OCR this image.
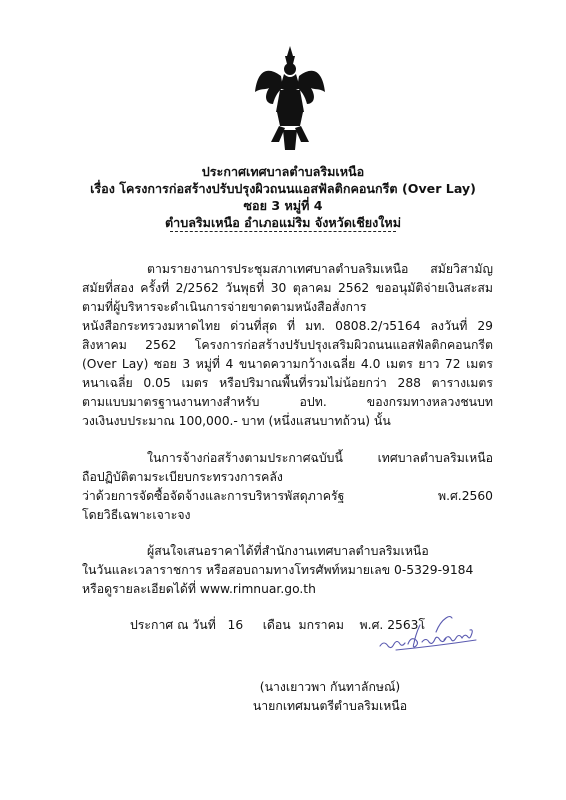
ประกาศเทศบาลตำบลริมเหนือ
เรื่อง โครงการก่อสร้างปรับปรุงผิวถนนแอสฟัลติกคอนกรีต (Over Lay)
ซอย 3 หมู่ที่ 4
ตำบลริมเหนือ อำเภอแม่ริม จังหวัดเชียงใหม่
ตามรายงานการประชุมสภาเทศบาลตำบลริมเหนือ สมัยวิสามัญ
สมัยที่สอง ครั้งที่ 2/2562 วันพุธที่ 30 ตุลาคม 2562 ขออนุมัติจ่ายเงินสะสม
ตามที่ผู้บริหารจะดำเนินการจ่ายขาดตามหนังสือสั่งการ
หนังสือกระทรวงมหาดไทย ด่วนที่สุด ที่ มท. 0808.2/ว5164 ลงวันที่ 29
สิงหาคม 2562 โครงการก่อสร้างปรับปรุงเสริมผิวถนนแอสฟัลติกคอนกรีต
(Over Lay) ซอย 3 หมู่ที่ 4 ขนาดความกว้างเฉลี่ย 4.0 เมตร ยาว 72 เมตร
หนาเฉลี่ย 0.05 เมตร หรือปริมาณพื้นที่รวมไม่น้อยกว่า 288 ตารางเมตร
ตามแบบมาตรฐานงานทางสำหรับ อปท. ของกรมทางหลวงชนบท
วงเงินงบประมาณ 100,000.- บาท (หนึ่งแสนบาทถ้วน) นั้น
ในการจ้างก่อสร้างตามประกาศฉบับนี้ เทศบาลตำบลริมเหนือ
ถือปฏิบัติตามระเบียบกระทรวงการคลัง
ว่าด้วยการจัดซื้อจัดจ้างและการบริหารพัสดุภาครัฐ พ.ศ.2560
โดยวิธีเฉพาะเจาะจง
ผู้สนใจเสนอราคาได้ที่สำนักงานเทศบาลตำบลริมเหนือ
ในวันและเวลาราชการ หรือสอบถามทางโทรศัพท์หมายเลข 0-5329-9184
หรือดูรายละเอียดได้ที่ www.rimnuar.go.th
ประกาศ ณ วันที่   16     เดือน  มกราคม    พ.ศ. 2563โ
(นางเยาวพา กันทาลักษณ์)
นายกเทศมนตรีตำบลริมเหนือ
